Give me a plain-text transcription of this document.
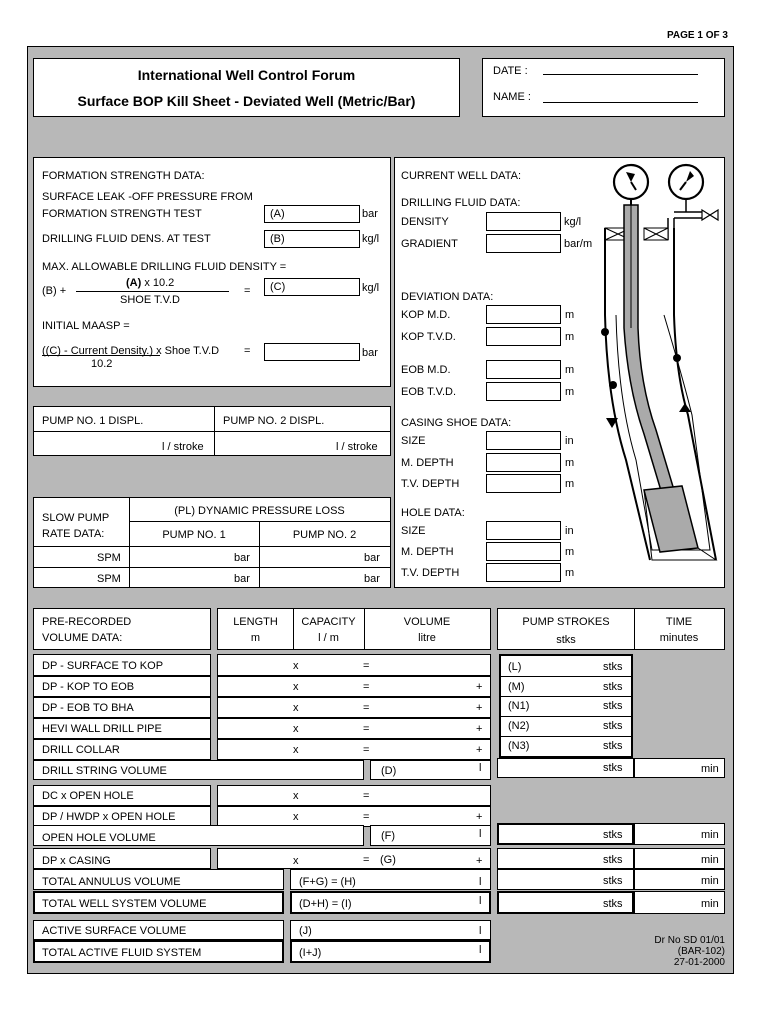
PAGE 1 OF 3
International Well Control Forum
Surface BOP Kill Sheet - Deviated Well (Metric/Bar)
DATE :
NAME :
FORMATION STRENGTH DATA:
SURFACE LEAK -OFF PRESSURE FROM
FORMATION STRENGTH TEST	(A)	bar
DRILLING FLUID DENS. AT TEST	(B)	kg/l
MAX. ALLOWABLE DRILLING FLUID DENSITY =
(B) +
(A) x 10.2
SHOE T.V.D
=	(C)	kg/l
INITIAL MAASP =
((C) - Current Density.) x Shoe T.V.D
10.2
=	bar
PUMP NO. 1 DISPL.	PUMP NO. 2 DISPL.
l / stroke	l / stroke
SLOW PUMP
RATE DATA:
(PL) DYNAMIC PRESSURE LOSS
PUMP NO. 1	PUMP NO. 2
SPM	bar	bar
SPM	bar	bar
CURRENT WELL DATA:
DRILLING FLUID DATA:
DENSITY	kg/l
GRADIENT	bar/m
DEVIATION DATA:
KOP M.D.	m
KOP T.V.D.	m
EOB M.D.	m
EOB T.V.D.	m
CASING SHOE DATA:
SIZE	in
M. DEPTH	m
T.V. DEPTH	m
HOLE DATA:
SIZE	in
M. DEPTH	m
T.V. DEPTH	m
PRE-RECORDED
VOLUME DATA:
LENGTH
m
CAPACITY
l / m
VOLUME
litre
PUMP STROKES
stks
TIME
minutes
DP - SURFACE TO KOP	x	=
DP - KOP TO EOB	x	=	+
DP - EOB TO BHA	x	=	+
HEVI WALL DRILL PIPE	x	=	+
DRILL COLLAR	x	=	+
(L)	stks
(M)	stks
(N1)	stks
(N2)	stks
(N3)	stks
DRILL STRING VOLUME	(D)	l	stks	min
DC x OPEN HOLE	x	=
DP / HWDP x OPEN HOLE	x	=	+
OPEN HOLE VOLUME	(F)	l	stks	min
DP x CASING	x	= (G)	+	stks	min
TOTAL ANNULUS VOLUME	(F+G) = (H)	l	stks	min
TOTAL WELL SYSTEM VOLUME	(D+H) = (I)	l	stks	min
ACTIVE SURFACE VOLUME	(J)	l
TOTAL ACTIVE FLUID SYSTEM	(I+J)	l
Dr No SD 01/01
(BAR-102)
27-01-2000
